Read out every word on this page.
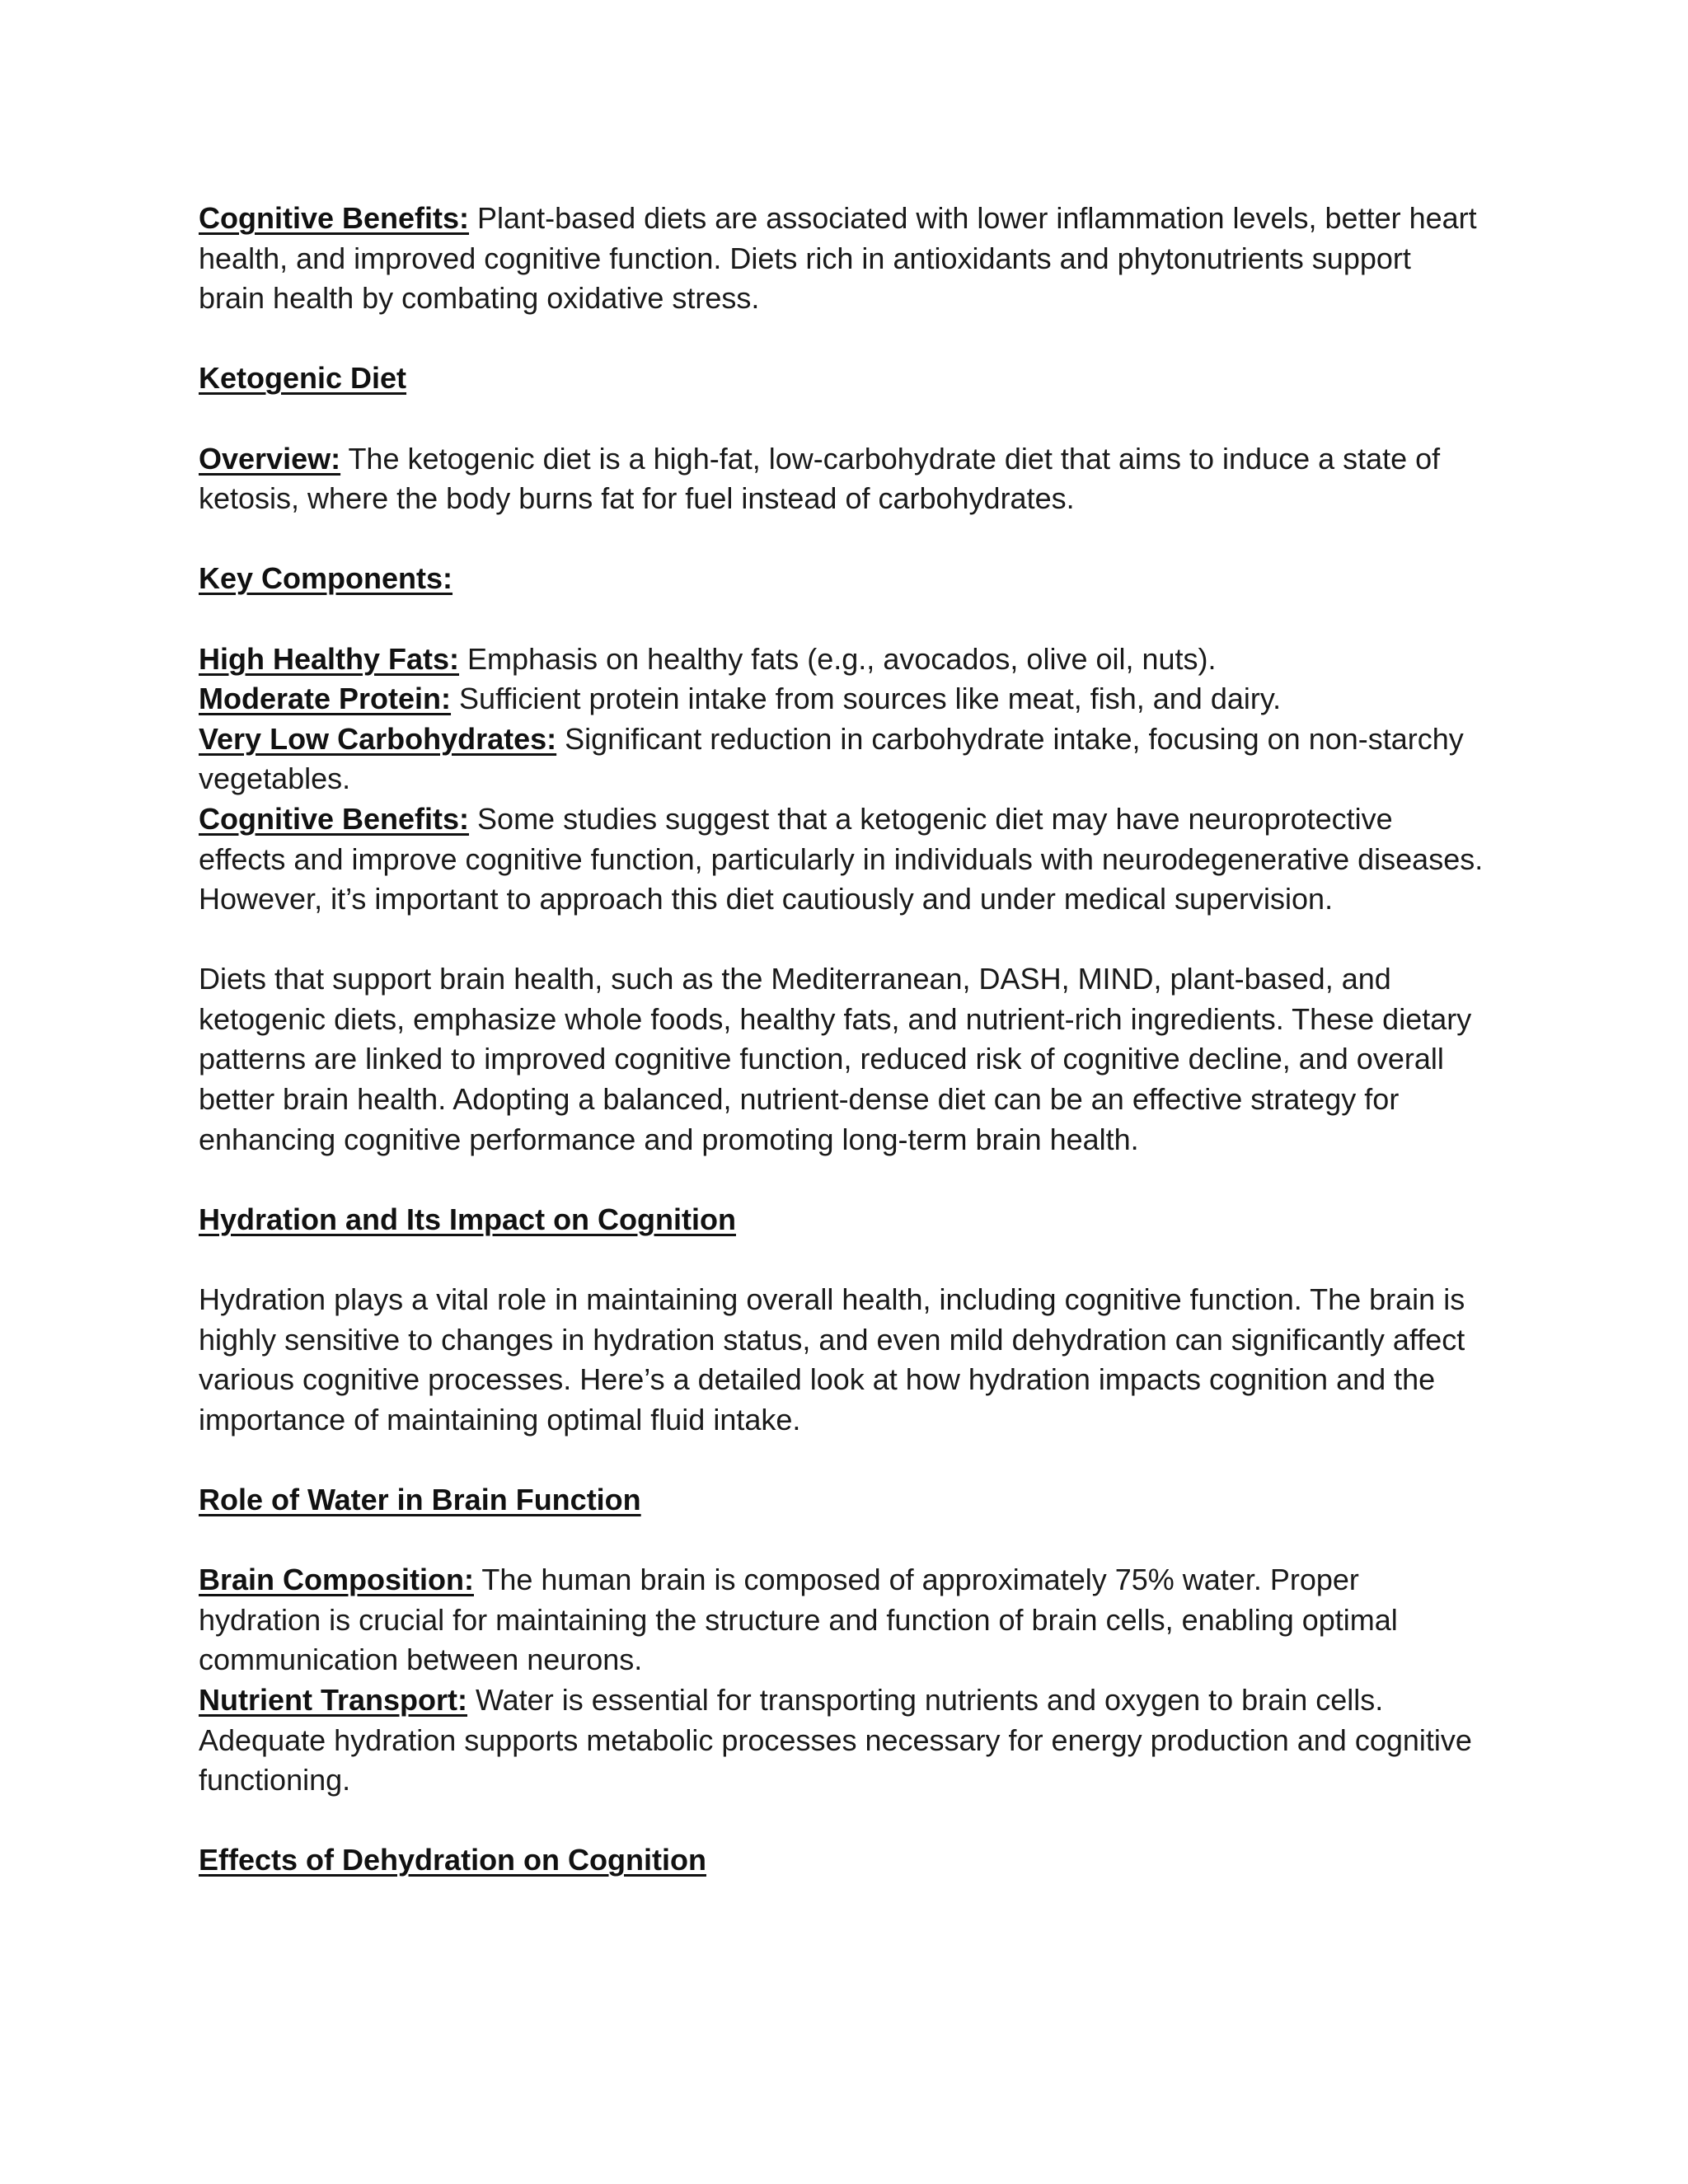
Cognitive Benefits: Plant-based diets are associated with lower inflammation levels, better heart health, and improved cognitive function. Diets rich in antioxidants and phytonutrients support brain health by combating oxidative stress.

Ketogenic Diet

Overview: The ketogenic diet is a high-fat, low-carbohydrate diet that aims to induce a state of ketosis, where the body burns fat for fuel instead of carbohydrates.

Key Components:

High Healthy Fats: Emphasis on healthy fats (e.g., avocados, olive oil, nuts).

Moderate Protein: Sufficient protein intake from sources like meat, fish, and dairy.

Very Low Carbohydrates: Significant reduction in carbohydrate intake, focusing on non-starchy vegetables.

Cognitive Benefits: Some studies suggest that a ketogenic diet may have neuroprotective effects and improve cognitive function, particularly in individuals with neurodegenerative diseases. However, it’s important to approach this diet cautiously and under medical supervision.

Diets that support brain health, such as the Mediterranean, DASH, MIND, plant-based, and ketogenic diets, emphasize whole foods, healthy fats, and nutrient-rich ingredients. These dietary patterns are linked to improved cognitive function, reduced risk of cognitive decline, and overall better brain health. Adopting a balanced, nutrient-dense diet can be an effective strategy for enhancing cognitive performance and promoting long-term brain health.

Hydration and Its Impact on Cognition

Hydration plays a vital role in maintaining overall health, including cognitive function. The brain is highly sensitive to changes in hydration status, and even mild dehydration can significantly affect various cognitive processes. Here’s a detailed look at how hydration impacts cognition and the importance of maintaining optimal fluid intake.

Role of Water in Brain Function

Brain Composition: The human brain is composed of approximately 75% water. Proper hydration is crucial for maintaining the structure and function of brain cells, enabling optimal communication between neurons.

Nutrient Transport: Water is essential for transporting nutrients and oxygen to brain cells. Adequate hydration supports metabolic processes necessary for energy production and cognitive functioning.

Effects of Dehydration on Cognition
